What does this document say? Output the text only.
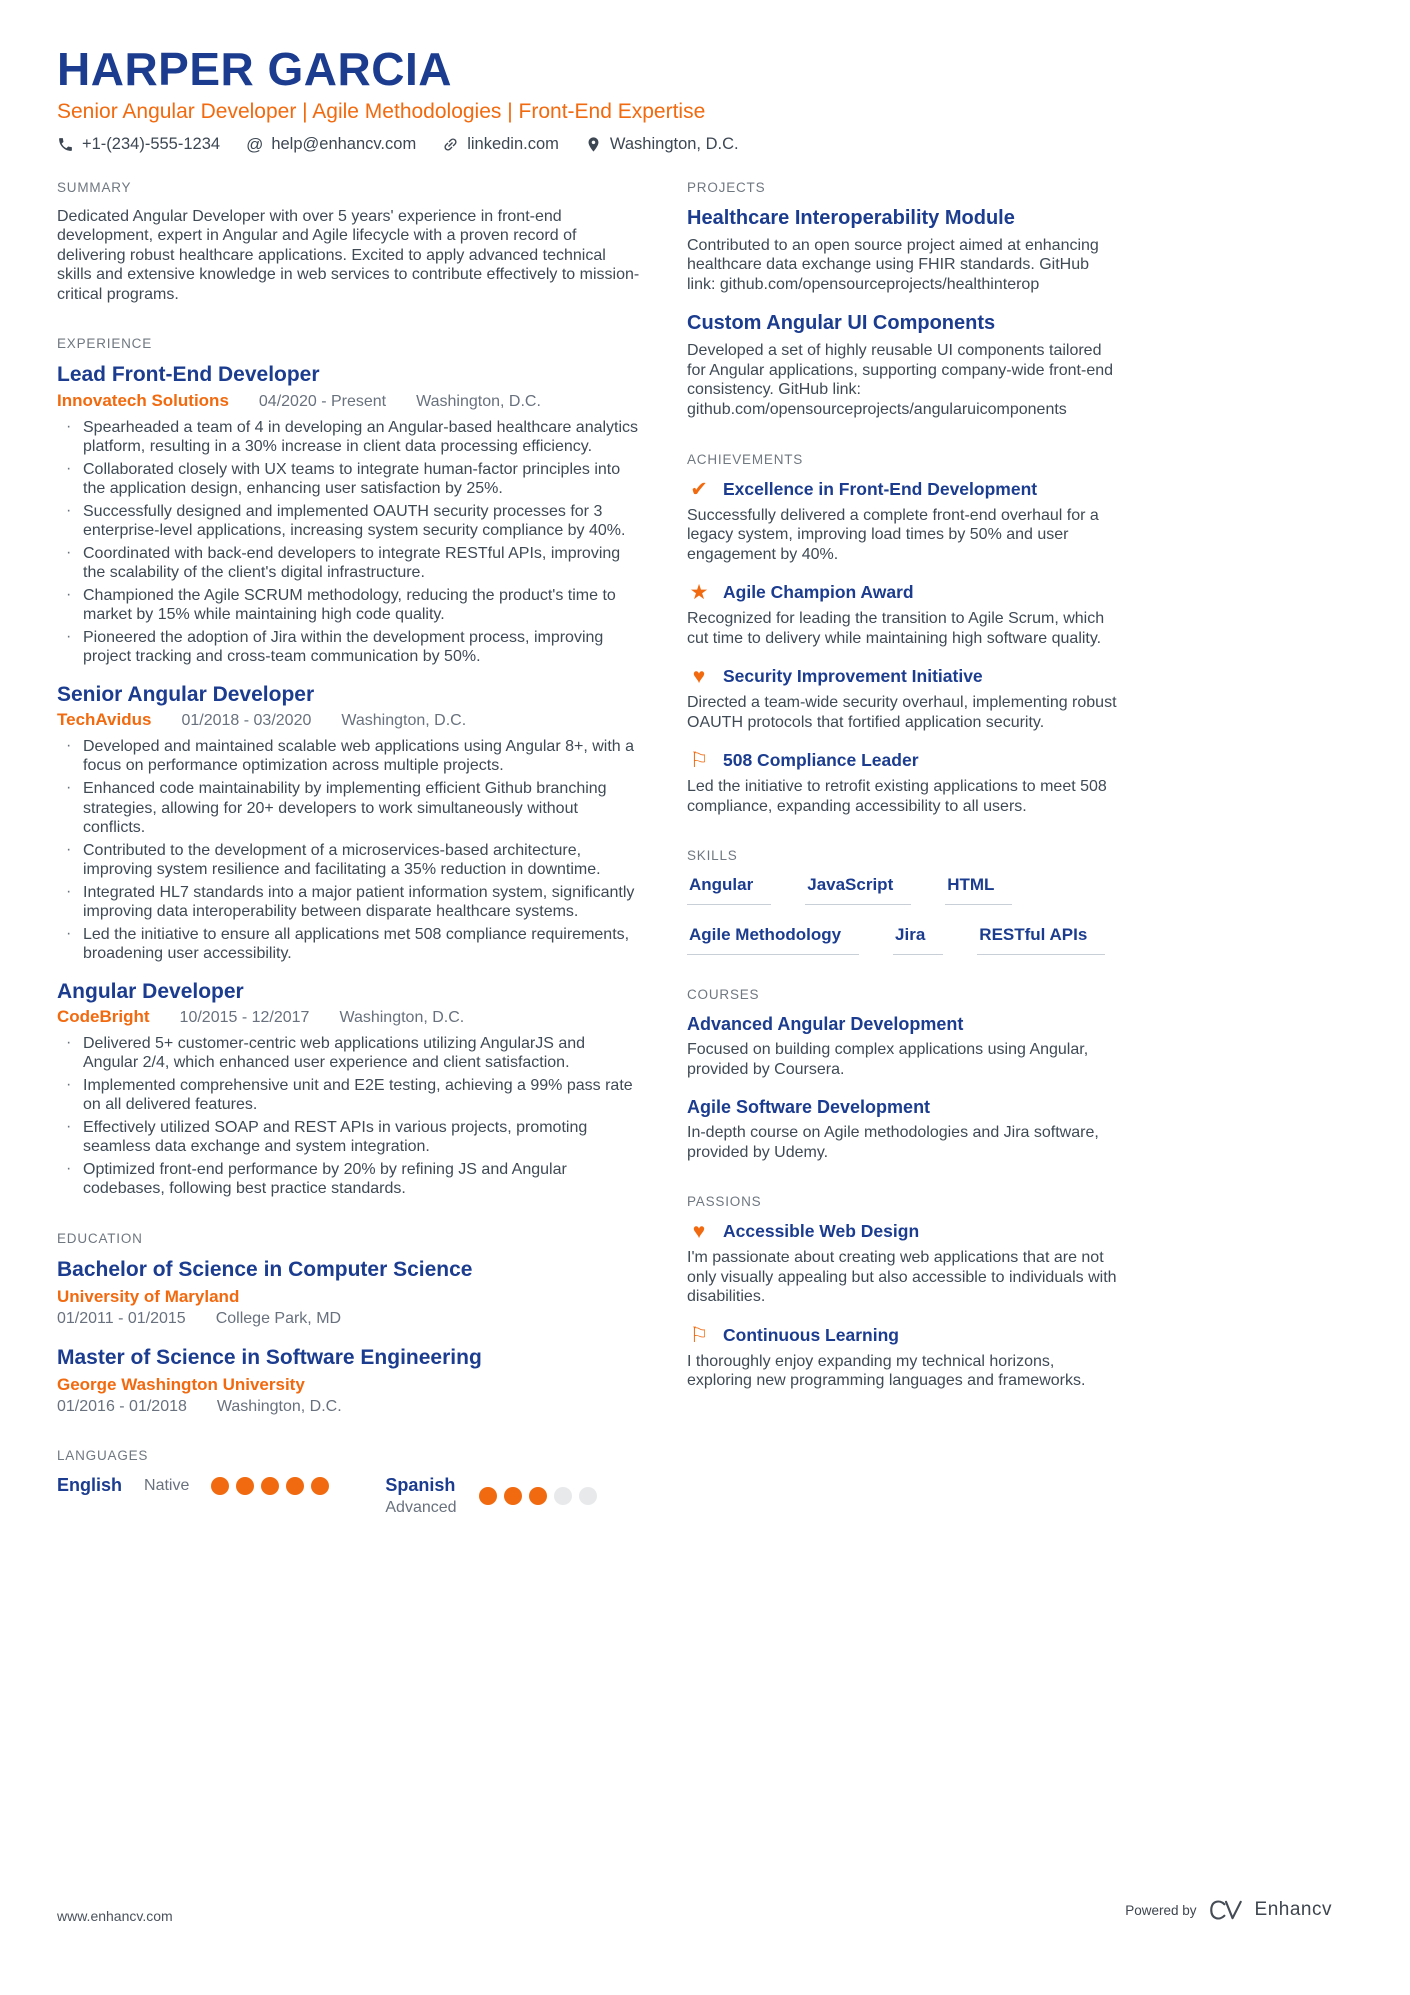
HARPER GARCIA
Senior Angular Developer | Agile Methodologies | Front-End Expertise
+1-(234)-555-1234 @ help@enhancv.com	linkedin.com	Washington, D.C.
SUMMARY
Dedicated Angular Developer with over 5 years' experience in front-end development, expert in Angular and Agile lifecycle with a proven record of delivering robust healthcare applications. Excited to apply advanced technical skills and extensive knowledge in web services to contribute effectively to mission-critical programs.
EXPERIENCE
Lead Front-End Developer
Innovatech Solutions 04/2020 - Present Washington, D.C.
· Spearheaded a team of 4 in developing an Angular-based healthcare analytics platform, resulting in a 30% increase in client data processing efficiency.
· Collaborated closely with UX teams to integrate human-factor principles into the application design, enhancing user satisfaction by 25%.
· Successfully designed and implemented OAUTH security processes for 3 enterprise-level applications, increasing system security compliance by 40%.
· Coordinated with back-end developers to integrate RESTful APIs, improving the scalability of the client's digital infrastructure.
· Championed the Agile SCRUM methodology, reducing the product's time to market by 15% while maintaining high code quality.
· Pioneered the adoption of Jira within the development process, improving project tracking and cross-team communication by 50%.
Senior Angular Developer
TechAvidus 01/2018 - 03/2020 Washington, D.C.
· Developed and maintained scalable web applications using Angular 8+, with a focus on performance optimization across multiple projects.
· Enhanced code maintainability by implementing efficient Github branching strategies, allowing for 20+ developers to work simultaneously without conflicts.
· Contributed to the development of a microservices-based architecture, improving system resilience and facilitating a 35% reduction in downtime.
· Integrated HL7 standards into a major patient information system, significantly improving data interoperability between disparate healthcare systems.
· Led the initiative to ensure all applications met 508 compliance requirements, broadening user accessibility.
Angular Developer
CodeBright 10/2015 - 12/2017 Washington, D.C.
· Delivered 5+ customer-centric web applications utilizing AngularJS and Angular 2/4, which enhanced user experience and client satisfaction.
· Implemented comprehensive unit and E2E testing, achieving a 99% pass rate on all delivered features.
· Effectively utilized SOAP and REST APIs in various projects, promoting seamless data exchange and system integration.
· Optimized front-end performance by 20% by refining JS and Angular codebases, following best practice standards.
EDUCATION
Bachelor of Science in Computer Science
University of Maryland
01/2011 - 01/2015 College Park, MD
Master of Science in Software Engineering
George Washington University
01/2016 - 01/2018 Washington, D.C.
LANGUAGES
English Native	Spanish
Advanced
PROJECTS
Healthcare Interoperability Module
Contributed to an open source project aimed at enhancing healthcare data exchange using FHIR standards. GitHub link: github.com/opensourceprojects/healthinterop
Custom Angular UI Components
Developed a set of highly reusable UI components tailored for Angular applications, supporting company-wide front-end consistency. GitHub link: github.com/opensourceprojects/angularuicomponents
ACHIEVEMENTS
✔ Excellence in Front-End Development
Successfully delivered a complete front-end overhaul for a legacy system, improving load times by 50% and user engagement by 40%.
★ Agile Champion Award
Recognized for leading the transition to Agile Scrum, which cut time to delivery while maintaining high software quality.
♥	Security Improvement Initiative
Directed a team-wide security overhaul, implementing robust OAUTH protocols that fortified application security.
⚐ 508 Compliance Leader
Led the initiative to retrofit existing applications to meet 508 compliance, expanding accessibility to all users.
SKILLS
Angular	JavaScript	HTML
Agile Methodology	Jira	RESTful APIs
COURSES
Advanced Angular Development
Focused on building complex applications using Angular, provided by Coursera.
Agile Software Development
In-depth course on Agile methodologies and Jira software, provided by Udemy.
PASSIONS
♥	Accessible Web Design
I'm passionate about creating web applications that are not only visually appealing but also accessible to individuals with disabilities.
⚐ Continuous Learning
I thoroughly enjoy expanding my technical horizons, exploring new programming languages and frameworks.
www.enhancv.com	Powered by	Enhancv
